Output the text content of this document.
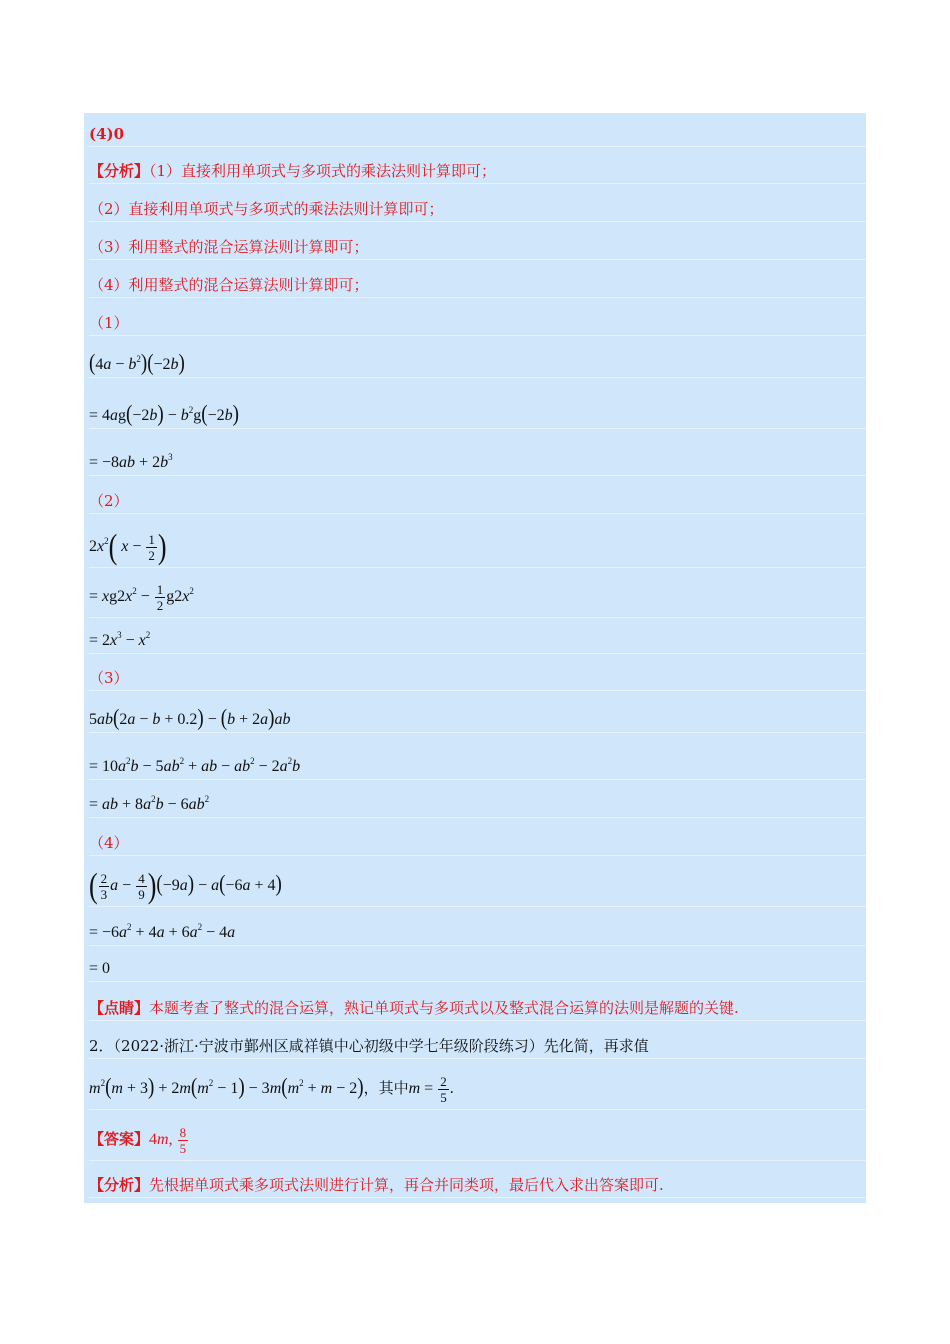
(4)0
【分析】（1）直接利用单项式与多项式的乘法法则计算即可；
（2）直接利用单项式与多项式的乘法法则计算即可；
（3）利用整式的混合运算法则计算即可；
（4）利用整式的混合运算法则计算即可；
（1）
$(4a - b^2)(-2b)$
= $4ag(-2b) - b^2g(-2b)$
= $-8ab + 2b^3$
（2）
$2x^2$( $x - \frac{1}{2}$ )
= $xg2x^2 - \frac{1}{2} g2x^2$
= $2x^3 - x^2$
（3）
5ab(2a − b + 0.2) − (b + 2a)ab
= $10a^2b - 5ab^2$ + ab − $ab^2 - 2a^2b$
= ab + $8a^2b - 6ab^2$
（4）
( $\frac{2}{3}$ $a - \frac{4}{9} )(-9a) - a(-6a + 4)$
= $-6a^2 + 4a + 6a^2 - 4a$
= 0
【点睛】本题考查了整式的混合运算，熟记单项式与多项式以及整式混合运算的法则是解题的关键.
2．（2022·浙江·宁波市鄞州区咸祥镇中心初级中学七年级阶段练习）先化简，再求值
$m^2(m + 3) + 2m(m^2 - 1) - 3m(m^2 + m - 2)$，其中$m = \frac{2}{5}$ .
【答案】4m, $\frac{8}{5}$
【分析】先根据单项式乘多项式法则进行计算，再合并同类项，最后代入求出答案即可.
